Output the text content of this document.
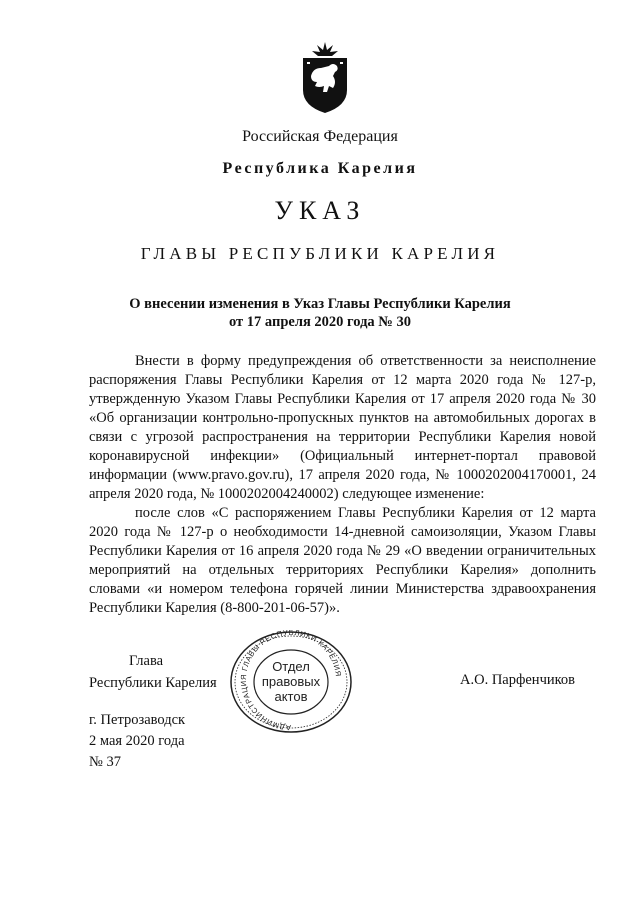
Российская Федерация
Республика Карелия
УКАЗ
ГЛАВЫ РЕСПУБЛИКИ КАРЕЛИЯ
О внесении изменения в Указ Главы Республики Карелия
от 17 апреля 2020 года № 30

Внести в форму предупреждения об ответственности за неисполнение распоряжения Главы Республики Карелия от 12 марта 2020 года № 127-р, утвержденную Указом Главы Республики Карелия от 17 апреля 2020 года № 30 «Об организации контрольно-пропускных пунктов на автомобильных дорогах в связи с угрозой распространения на территории Республики Карелия новой коронавирусной инфекции» (Официальный интернет-портал правовой информации (www.pravo.gov.ru), 17 апреля 2020 года, № 1000202004170001, 24 апреля 2020 года, № 1000202004240002) следующее изменение:

после слов «С распоряжением Главы Республики Карелия от 12 марта 2020 года № 127-р о необходимости 14-дневной самоизоляции, Указом Главы Республики Карелия от 16 апреля 2020 года № 29 «О введении ограничительных мероприятий на отдельных территориях Республики Карелия» дополнить словами «и номером телефона горячей линии Министерства здравоохранения Республики Карелия (8-800-201-06-57)».

Глава
Республики Карелия
АДМИНИСТРАЦИЯ ГЛАВЫ РЕСПУБЛИКИ КАРЕЛИЯ
Отдел
правовых
актов
А.О. Парфенчиков
г. Петрозаводск
2 мая 2020 года
№ 37
